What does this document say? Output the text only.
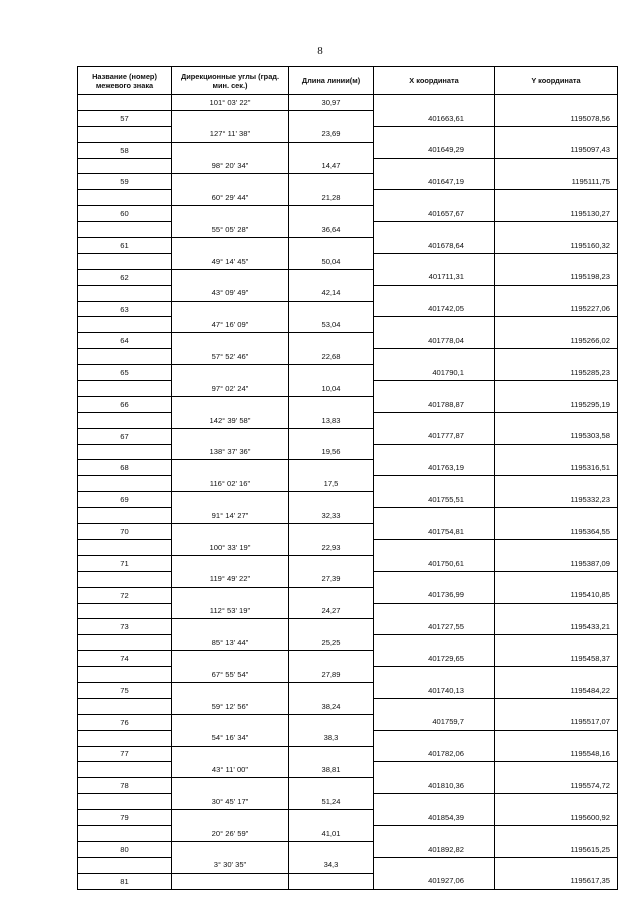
8
Название (номер) межевого знака	Дирекционные углы (град. мин. сек.)	Длина линии(м)	X координата	Y координата
	101° 03' 22"	30,97		
57			401663,61	1195078,56
	127° 11' 38"	23,69		
58			401649,29	1195097,43
	98° 20' 34"	14,47		
59			401647,19	1195111,75
	60° 29' 44"	21,28		
60			401657,67	1195130,27
	55° 05' 28"	36,64		
61			401678,64	1195160,32
	49° 14' 45"	50,04		
62			401711,31	1195198,23
	43° 09' 49"	42,14		
63			401742,05	1195227,06
	47° 16' 09"	53,04		
64			401778,04	1195266,02
	57° 52' 46"	22,68		
65			401790,1	1195285,23
	97° 02' 24"	10,04		
66			401788,87	1195295,19
	142° 39' 58"	13,83		
67			401777,87	1195303,58
	138° 37' 36"	19,56		
68			401763,19	1195316,51
	116° 02' 16"	17,5		
69			401755,51	1195332,23
	91° 14' 27"	32,33		
70			401754,81	1195364,55
	100° 33' 19"	22,93		
71			401750,61	1195387,09
	119° 49' 22"	27,39		
72			401736,99	1195410,85
	112° 53' 19"	24,27		
73			401727,55	1195433,21
	85° 13' 44"	25,25		
74			401729,65	1195458,37
	67° 55' 54"	27,89		
75			401740,13	1195484,22
	59° 12' 56"	38,24		
76			401759,7	1195517,07
	54° 16' 34"	38,3		
77			401782,06	1195548,16
	43° 11' 00"	38,81		
78			401810,36	1195574,72
	30° 45' 17"	51,24		
79			401854,39	1195600,92
	20° 26' 59"	41,01		
80			401892,82	1195615,25
	3° 30' 35"	34,3		
81			401927,06	1195617,35
